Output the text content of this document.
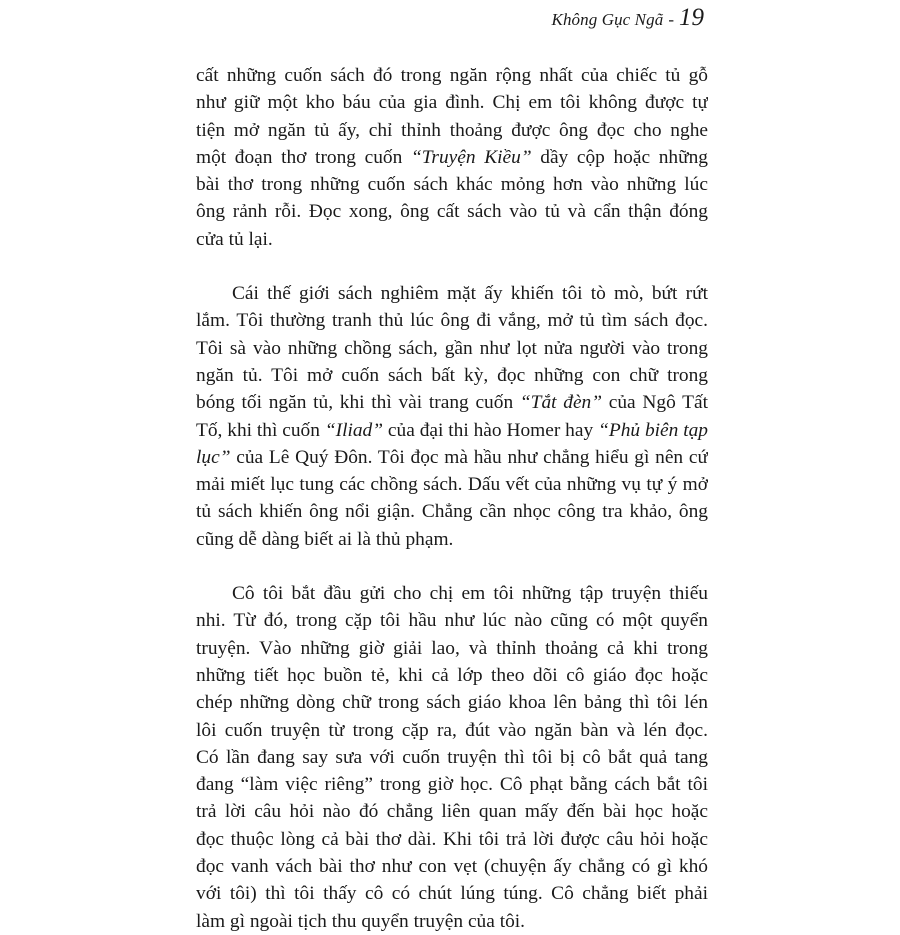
Không Gục Ngã - 19
cất những cuốn sách đó trong ngăn rộng nhất của chiếc tủ gỗ
như giữ một kho báu của gia đình. Chị em tôi không được tự
tiện mở ngăn tủ ấy, chỉ thỉnh thoảng được ông đọc cho nghe
một đoạn thơ trong cuốn “Truyện Kiều” dầy cộp hoặc những
bài thơ trong những cuốn sách khác mỏng hơn vào những lúc
ông rảnh rỗi. Đọc xong, ông cất sách vào tủ và cẩn thận đóng
cửa tủ lại.
Cái thế giới sách nghiêm mặt ấy khiến tôi tò mò, bứt rứt
lắm. Tôi thường tranh thủ lúc ông đi vắng, mở tủ tìm sách đọc.
Tôi sà vào những chồng sách, gần như lọt nửa người vào trong
ngăn tủ. Tôi mở cuốn sách bất kỳ, đọc những con chữ trong
bóng tối ngăn tủ, khi thì vài trang cuốn “Tắt đèn” của Ngô Tất
Tố, khi thì cuốn “Iliad” của đại thi hào Homer hay “Phủ biên tạp
lục” của Lê Quý Đôn. Tôi đọc mà hầu như chẳng hiểu gì nên cứ
mải miết lục tung các chồng sách. Dấu vết của những vụ tự ý mở
tủ sách khiến ông nổi giận. Chẳng cần nhọc công tra khảo, ông
cũng dễ dàng biết ai là thủ phạm.
Cô tôi bắt đầu gửi cho chị em tôi những tập truyện thiếu
nhi. Từ đó, trong cặp tôi hầu như lúc nào cũng có một quyển
truyện. Vào những giờ giải lao, và thỉnh thoảng cả khi trong
những tiết học buồn tẻ, khi cả lớp theo dõi cô giáo đọc hoặc
chép những dòng chữ trong sách giáo khoa lên bảng thì tôi lén
lôi cuốn truyện từ trong cặp ra, đút vào ngăn bàn và lén đọc.
Có lần đang say sưa với cuốn truyện thì tôi bị cô bắt quả tang
đang “làm việc riêng” trong giờ học. Cô phạt bằng cách bắt tôi
trả lời câu hỏi nào đó chẳng liên quan mấy đến bài học hoặc
đọc thuộc lòng cả bài thơ dài. Khi tôi trả lời được câu hỏi hoặc
đọc vanh vách bài thơ như con vẹt (chuyện ấy chẳng có gì khó
với tôi) thì tôi thấy cô có chút lúng túng. Cô chẳng biết phải
làm gì ngoài tịch thu quyển truyện của tôi.
